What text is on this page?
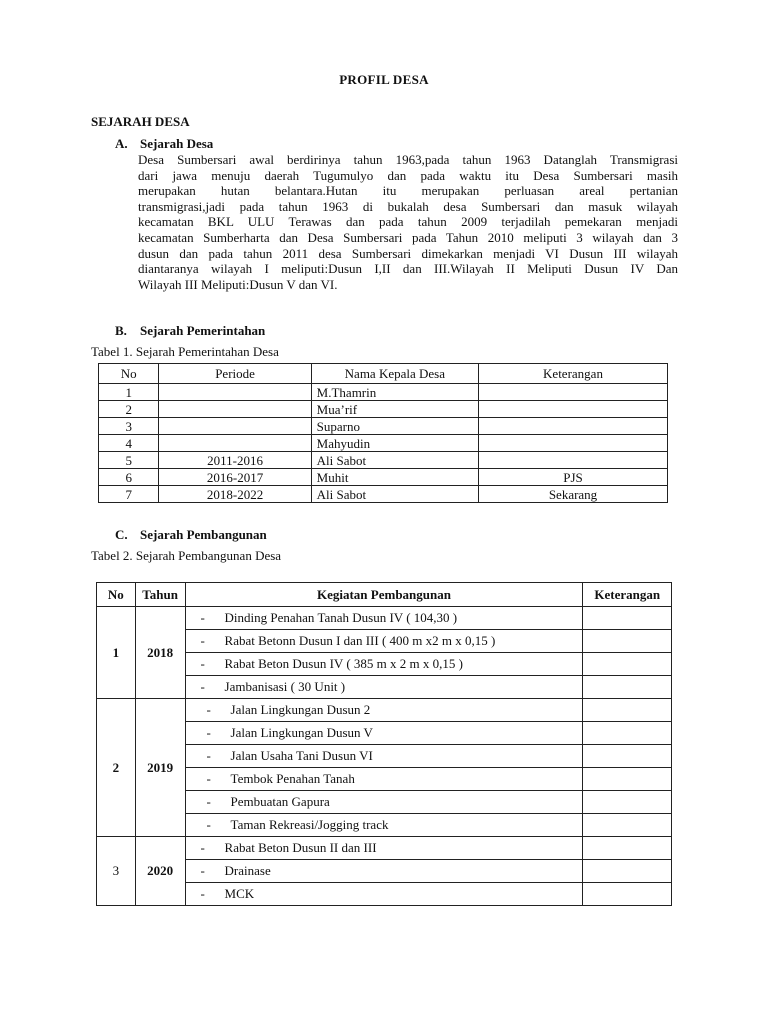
PROFIL DESA
SEJARAH DESA
A. Sejarah Desa
Desa Sumbersari awal berdirinya tahun 1963,pada tahun 1963 Datanglah Transmigrasi
dari jawa menuju daerah Tugumulyo dan pada waktu itu Desa Sumbersari masih
merupakan hutan belantara.Hutan itu merupakan perluasan areal pertanian
transmigrasi,jadi pada tahun 1963 di bukalah desa Sumbersari dan masuk wilayah
kecamatan BKL ULU Terawas dan pada tahun 2009 terjadilah pemekaran menjadi
kecamatan Sumberharta dan Desa Sumbersari pada Tahun 2010 meliputi 3 wilayah dan 3
dusun dan pada tahun 2011 desa Sumbersari dimekarkan menjadi VI Dusun III wilayah
diantaranya wilayah I meliputi:Dusun I,II dan III.Wilayah II Meliputi Dusun IV Dan
Wilayah III Meliputi:Dusun V dan VI.
B. Sejarah Pemerintahan
Tabel 1. Sejarah Pemerintahan Desa
No	Periode	Nama Kepala Desa	Keterangan
1		M.Thamrin	
2		Mua’rif	
3		Suparno	
4		Mahyudin	
5	2011-2016	Ali Sabot	
6	2016-2017	Muhit	PJS
7	2018-2022	Ali Sabot	Sekarang
C. Sejarah Pembangunan
Tabel 2. Sejarah Pembangunan Desa
No	Tahun	Kegiatan Pembangunan	Keterangan
1	2018	- Dinding Penahan Tanah Dusun IV ( 104,30 )	
		- Rabat Betonn Dusun I dan III ( 400 m x2 m x 0,15 )	
		- Rabat Beton Dusun IV ( 385 m x 2 m x 0,15 )	
		- Jambanisasi ( 30 Unit )	
2	2019	- Jalan Lingkungan Dusun 2	
		- Jalan Lingkungan Dusun V	
		- Jalan Usaha Tani Dusun VI	
		- Tembok Penahan Tanah	
		- Pembuatan Gapura	
		- Taman Rekreasi/Jogging track	
3	2020	- Rabat Beton Dusun II dan III	
		- Drainase	
		- MCK	
